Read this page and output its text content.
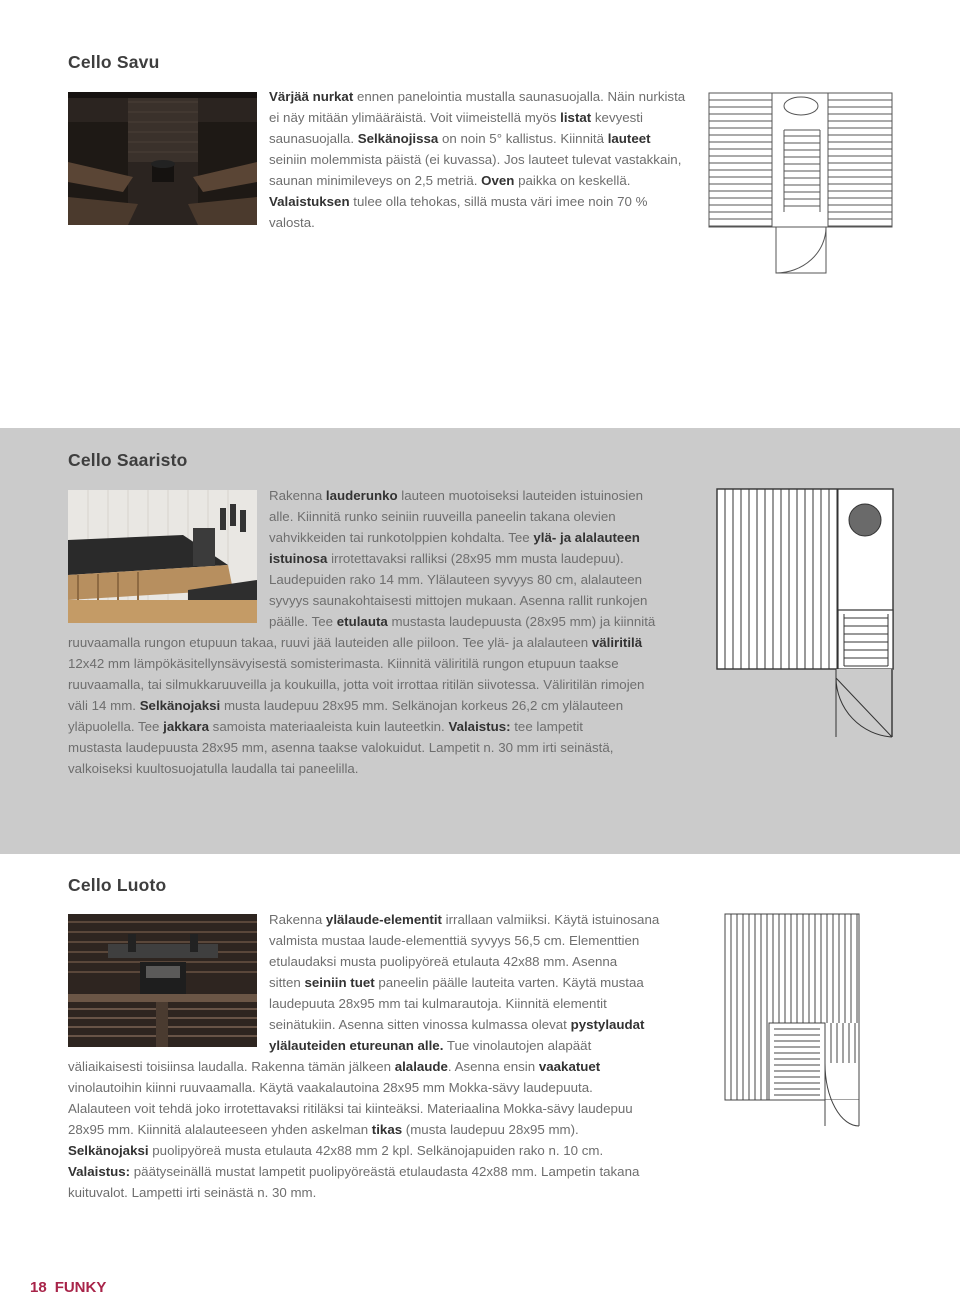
Cello Savu

Värjää nurkat ennen panelointia mustalla saunasuojalla. Näin nurkista ei näy mitään ylimääräistä. Voit viimeistellä myös listat kevyesti saunasuojalla. Selkänojissa on noin 5° kallistus. Kiinnitä lauteet seiniin molemmista päistä (ei kuvassa). Jos lauteet tulevat vastakkain, saunan minimileveys on 2,5 metriä. Oven paikka on keskellä. Valaistuksen tulee olla tehokas, sillä musta väri imee noin 70 % valosta.

Cello Saaristo

Rakenna lauderunko lauteen muotoiseksi lauteiden istuinosien
alle. Kiinnitä runko seiniin ruuveilla paneelin takana olevien
vahvikkeiden tai runkotolppien kohdalta. Tee ylä- ja alalauteen
istuinosa irrotettavaksi ralliksi (28x95 mm musta laudepuu).
Laudepuiden rako 14 mm. Ylälauteen syvyys 80 cm, alalauteen
syvyys saunakohtaisesti mittojen mukaan. Asenna rallit runkojen
päälle. Tee etulauta mustasta laudepuusta (28x95 mm) ja kiinnitä

ruuvaamalla rungon etupuun takaa, ruuvi jää lauteiden alle piiloon. Tee ylä- ja alalauteen väliritilä
12x42 mm lämpökäsitellynsävyisestä somisterimasta. Kiinnitä väliritilä rungon etupuun taakse
ruuvaamalla, tai silmukkaruuveilla ja koukuilla, jotta voit irrottaa ritilän siivotessa. Väliritilän rimojen
väli 14 mm. Selkänojaksi musta laudepuu 28x95 mm. Selkänojan korkeus 26,2 cm ylälauteen
yläpuolella. Tee jakkara samoista materiaaleista kuin lauteetkin. Valaistus: tee lampetit
mustasta laudepuusta 28x95 mm, asenna taakse valokuidut. Lampetit n. 30 mm irti seinästä,
valkoiseksi kuultosuojatulla laudalla tai paneelilla.

Cello Luoto

Rakenna ylälaude-elementit irrallaan valmiiksi. Käytä istuinosana
valmista mustaa laude-elementtiä syvyys 56,5 cm. Elementtien
etulaudaksi musta puolipyöreä etulauta 42x88 mm. Asenna
sitten seiniin tuet paneelin päälle lauteita varten. Käytä mustaa
laudepuuta 28x95 mm tai kulmarautoja. Kiinnitä elementit
seinätukiin. Asenna sitten vinossa kulmassa olevat pystylaudat
ylälauteiden etureunan alle. Tue vinolautojen alapäät

väliaikaisesti toisiinsa laudalla. Rakenna tämän jälkeen alalaude. Asenna ensin vaakatuet
vinolautoihin kiinni ruuvaamalla. Käytä vaakalautoina 28x95 mm Mokka-sävy laudepuuta.
Alalauteen voit tehdä joko irrotettavaksi ritiläksi tai kiinteäksi. Materiaalina Mokka-sävy laudepuu
28x95 mm. Kiinnitä alalauteeseen yhden askelman tikas (musta laudepuu 28x95 mm).
Selkänojaksi puolipyöreä musta etulauta 42x88 mm 2 kpl. Selkänojapuiden rako n. 10 cm.
Valaistus: päätyseinällä mustat lampetit puolipyöreästä etulaudasta 42x88 mm. Lampetin takana
kuituvalot. Lampetti irti seinästä n. 30 mm.

18 FUNKY
